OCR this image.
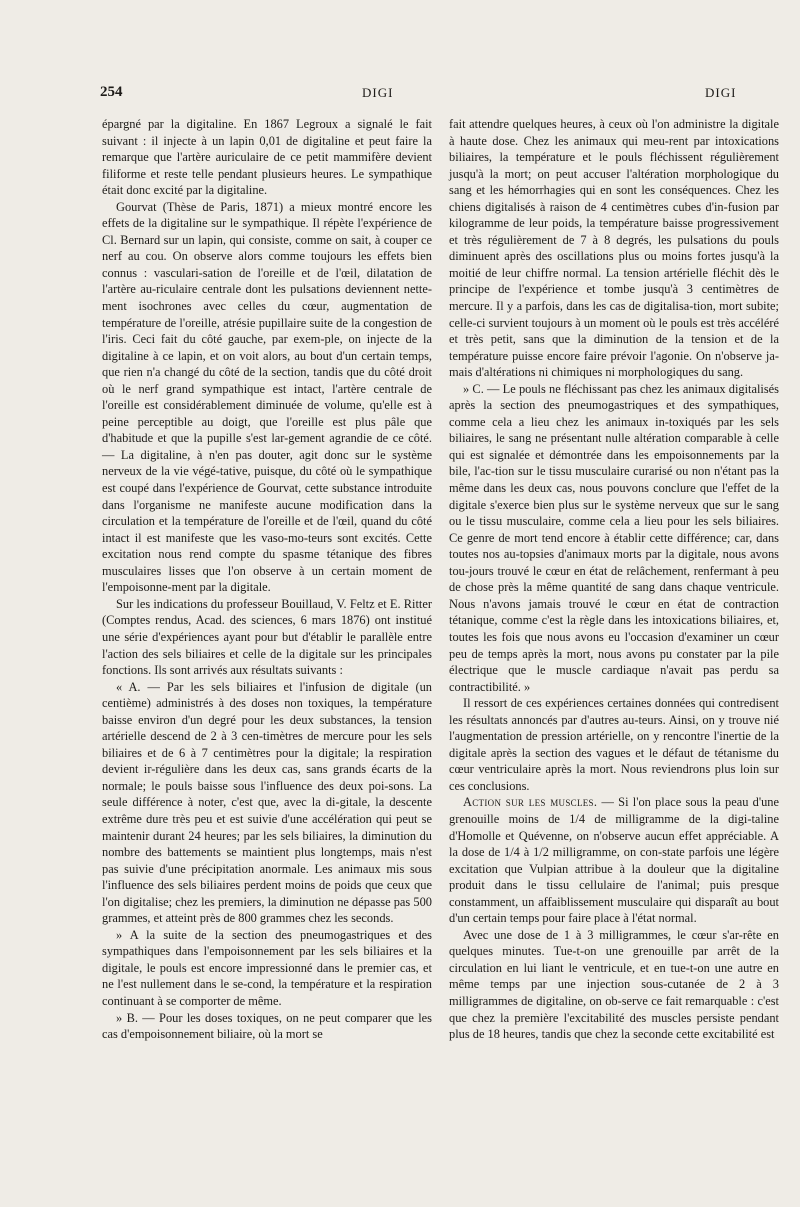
254	DIGI	DIGI

épargné par la digitaline. En 1867 Legroux a signalé le fait suivant : il injecte à un lapin 0,01 de digitaline et peut faire la remarque que l'artère auriculaire de ce petit mammifère devient filiforme et reste telle pendant plusieurs heures. Le sympathique était donc excité par la digitaline.

Gourvat (Thèse de Paris, 1871) a mieux montré encore les effets de la digitaline sur le sympathique. Il répète l'expérience de Cl. Bernard sur un lapin, qui consiste, comme on sait, à couper ce nerf au cou. On observe alors comme toujours les effets bien connus : vasculari-sation de l'oreille et de l'œil, dilatation de l'artère au-riculaire centrale dont les pulsations deviennent nette-ment isochrones avec celles du cœur, augmentation de température de l'oreille, atrésie pupillaire suite de la congestion de l'iris. Ceci fait du côté gauche, par exem-ple, on injecte de la digitaline à ce lapin, et on voit alors, au bout d'un certain temps, que rien n'a changé du côté de la section, tandis que du côté droit où le nerf grand sympathique est intact, l'artère centrale de l'oreille est considérablement diminuée de volume, qu'elle est à peine perceptible au doigt, que l'oreille est plus pâle que d'habitude et que la pupille s'est lar-gement agrandie de ce côté. — La digitaline, à n'en pas douter, agit donc sur le système nerveux de la vie végé-tative, puisque, du côté où le sympathique est coupé dans l'expérience de Gourvat, cette substance introduite dans l'organisme ne manifeste aucune modification dans la circulation et la température de l'oreille et de l'œil, quand du côté intact il est manifeste que les vaso-mo-teurs sont excités. Cette excitation nous rend compte du spasme tétanique des fibres musculaires lisses que l'on observe à un certain moment de l'empoisonne-ment par la digitale.

Sur les indications du professeur Bouillaud, V. Feltz et E. Ritter (Comptes rendus, Acad. des sciences, 6 mars 1876) ont institué une série d'expériences ayant pour but d'établir le parallèle entre l'action des sels biliaires et celle de la digitale sur les principales fonctions. Ils sont arrivés aux résultats suivants :

« A. — Par les sels biliaires et l'infusion de digitale (un centième) administrés à des doses non toxiques, la température baisse environ d'un degré pour les deux substances, la tension artérielle descend de 2 à 3 cen-timètres de mercure pour les sels biliaires et de 6 à 7 centimètres pour la digitale; la respiration devient ir-régulière dans les deux cas, sans grands écarts de la normale; le pouls baisse sous l'influence des deux poi-sons. La seule différence à noter, c'est que, avec la di-gitale, la descente extrême dure très peu et est suivie d'une accélération qui peut se maintenir durant 24 heures; par les sels biliaires, la diminution du nombre des battements se maintient plus longtemps, mais n'est pas suivie d'une précipitation anormale. Les animaux mis sous l'influence des sels biliaires perdent moins de poids que ceux que l'on digitalise; chez les premiers, la diminution ne dépasse pas 500 grammes, et atteint près de 800 grammes chez les seconds.

» A la suite de la section des pneumogastriques et des sympathiques dans l'empoisonnement par les sels biliaires et la digitale, le pouls est encore impressionné dans le premier cas, et ne l'est nullement dans le se-cond, la température et la respiration continuant à se comporter de même.

» B. — Pour les doses toxiques, on ne peut comparer que les cas d'empoisonnement biliaire, où la mort se

fait attendre quelques heures, à ceux où l'on administre la digitale à haute dose. Chez les animaux qui meu-rent par intoxications biliaires, la température et le pouls fléchissent régulièrement jusqu'à la mort; on peut accuser l'altération morphologique du sang et les hémorrhagies qui en sont les conséquences. Chez les chiens digitalisés à raison de 4 centimètres cubes d'in-fusion par kilogramme de leur poids, la température baisse progressivement et très régulièrement de 7 à 8 degrés, les pulsations du pouls diminuent après des oscillations plus ou moins fortes jusqu'à la moitié de leur chiffre normal. La tension artérielle fléchit dès le principe de l'expérience et tombe jusqu'à 3 centimètres de mercure. Il y a parfois, dans les cas de digitalisa-tion, mort subite; celle-ci survient toujours à un moment où le pouls est très accéléré et très petit, sans que la diminution de la tension et de la température puisse encore faire prévoir l'agonie. On n'observe ja-mais d'altérations ni chimiques ni morphologiques du sang.

» C. — Le pouls ne fléchissant pas chez les animaux digitalisés après la section des pneumogastriques et des sympathiques, comme cela a lieu chez les animaux in-toxiqués par les sels biliaires, le sang ne présentant nulle altération comparable à celle qui est signalée et démontrée dans les empoisonnements par la bile, l'ac-tion sur le tissu musculaire curarisé ou non n'étant pas la même dans les deux cas, nous pouvons conclure que l'effet de la digitale s'exerce bien plus sur le système nerveux que sur le sang ou le tissu musculaire, comme cela a lieu pour les sels biliaires. Ce genre de mort tend encore à établir cette différence; car, dans toutes nos au-topsies d'animaux morts par la digitale, nous avons tou-jours trouvé le cœur en état de relâchement, renfermant à peu de chose près la même quantité de sang dans chaque ventricule. Nous n'avons jamais trouvé le cœur en état de contraction tétanique, comme c'est la règle dans les intoxications biliaires, et, toutes les fois que nous avons eu l'occasion d'examiner un cœur peu de temps après la mort, nous avons pu constater par la pile électrique que le muscle cardiaque n'avait pas perdu sa contractibilité. »

Il ressort de ces expériences certaines données qui contredisent les résultats annoncés par d'autres au-teurs. Ainsi, on y trouve nié l'augmentation de pression artérielle, on y rencontre l'inertie de la digitale après la section des vagues et le défaut de tétanisme du cœur ventriculaire après la mort. Nous reviendrons plus loin sur ces conclusions.

Action sur les muscles. — Si l'on place sous la peau d'une grenouille moins de 1/4 de milligramme de la digi-taline d'Homolle et Quévenne, on n'observe aucun effet appréciable. A la dose de 1/4 à 1/2 milligramme, on con-state parfois une légère excitation que Vulpian attribue à la douleur que la digitaline produit dans le tissu cellulaire de l'animal; puis presque constamment, un affaiblissement musculaire qui disparaît au bout d'un certain temps pour faire place à l'état normal.

Avec une dose de 1 à 3 milligrammes, le cœur s'ar-rête en quelques minutes. Tue-t-on une grenouille par arrêt de la circulation en lui liant le ventricule, et en tue-t-on une autre en même temps par une injection sous-cutanée de 2 à 3 milligrammes de digitaline, on ob-serve ce fait remarquable : c'est que chez la première l'excitabilité des muscles persiste pendant plus de 18 heures, tandis que chez la seconde cette excitabilité est
